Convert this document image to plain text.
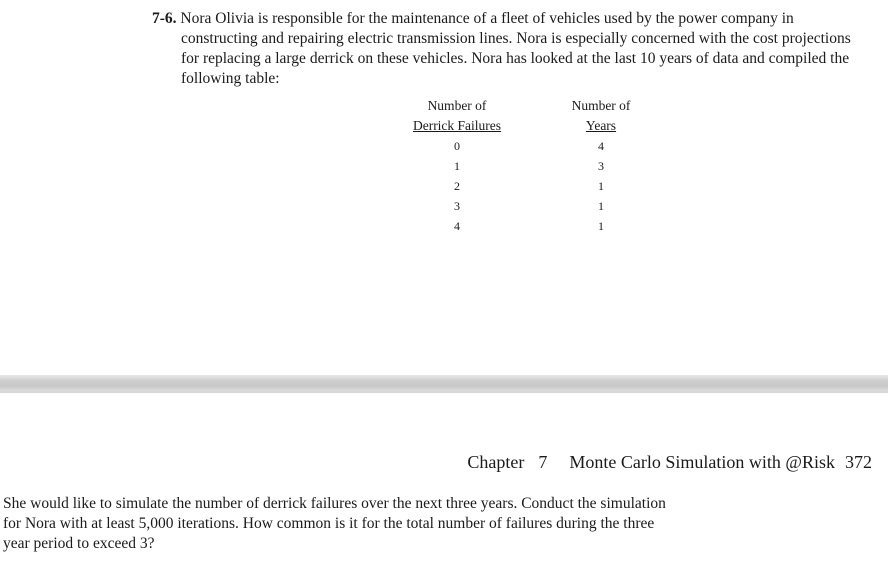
7-6. Nora Olivia is responsible for the maintenance of a fleet of vehicles used by the power company in constructing and repairing electric transmission lines. Nora is especially concerned with the cost projections for replacing a large derrick on these vehicles. Nora has looked at the last 10 years of data and compiled the following table:

Number of
Derrick Failures
0
1
2
3
4
Number of
Years
4
3
1
1
1
Chapter 7 Monte Carlo Simulation with @Risk 372

She would like to simulate the number of derrick failures over the next three years. Conduct the simulation for Nora with at least 5,000 iterations. How common is it for the total number of failures during the three year period to exceed 3?
